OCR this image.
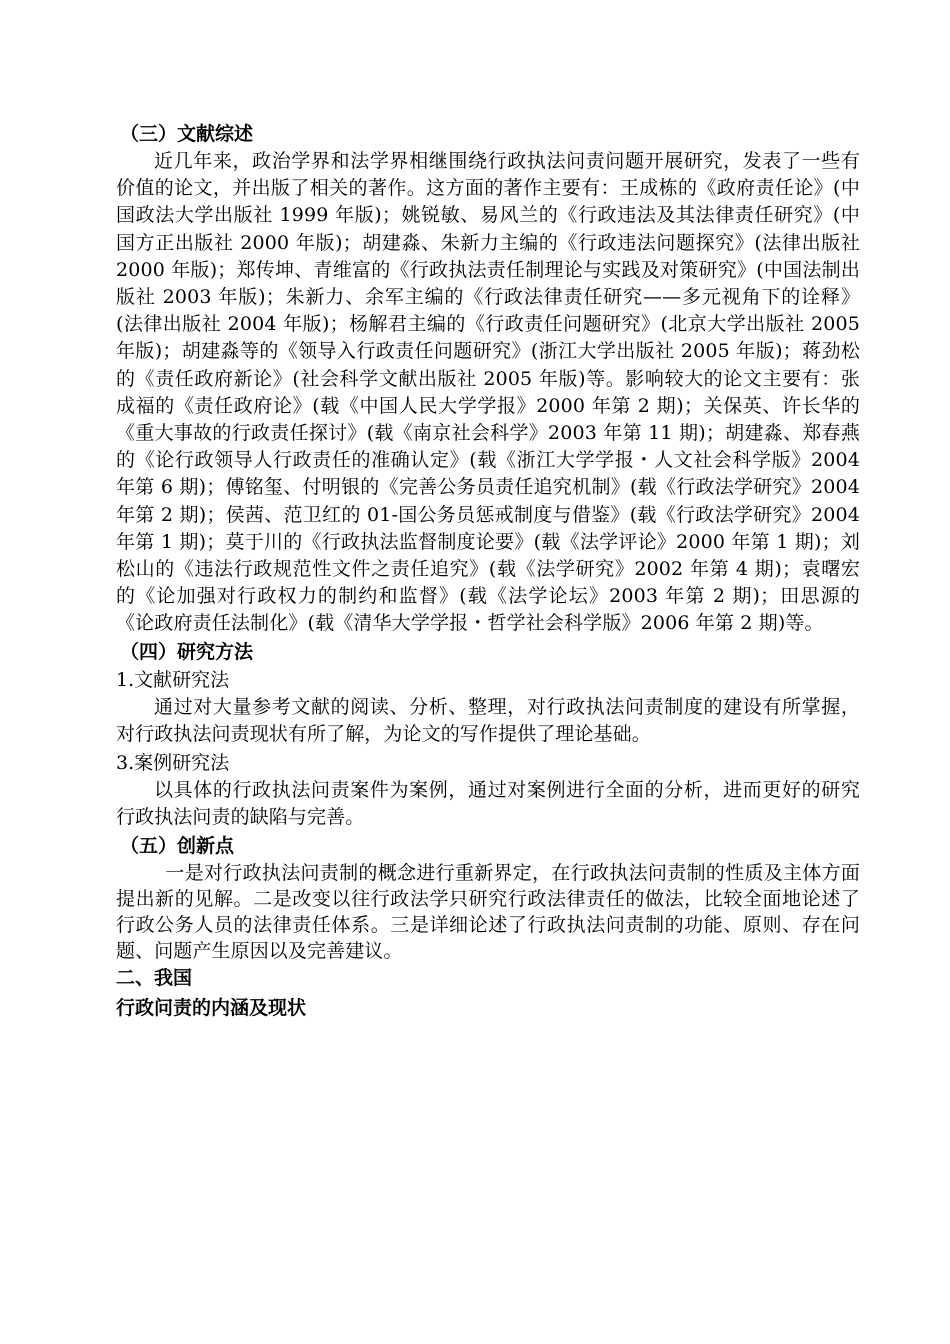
（三）文献综述

近几年来，政治学界和法学界相继围绕行政执法问责问题开展研究，发表了一些有价值的论文，并出版了相关的著作。这方面的著作主要有：王成栋的《政府责任论》(中国政法大学出版社 1999 年版)；姚锐敏、易风兰的《行政违法及其法律责任研究》(中国方正出版社 2000 年版)；胡建淼、朱新力主编的《行政违法问题探究》(法律出版社 2000 年版)；郑传坤、青维富的《行政执法责任制理论与实践及对策研究》(中国法制出版社 2003 年版)；朱新力、余军主编的《行政法律责任研究——多元视角下的诠释》(法律出版社 2004 年版)；杨解君主编的《行政责任问题研究》(北京大学出版社 2005 年版)；胡建淼等的《领导入行政责任问题研究》(浙江大学出版社 2005 年版)；蒋劲松的《责任政府新论》(社会科学文献出版社 2005 年版)等。影响较大的论文主要有：张成福的《责任政府论》(载《中国人民大学学报》2000 年第 2 期)；关保英、许长华的《重大事故的行政责任探讨》(载《南京社会科学》2003 年第 11 期)；胡建淼、郑春燕的《论行政领导人行政责任的准确认定》(载《浙江大学学报・人文社会科学版》2004 年第 6 期)；傅铭玺、付明银的《完善公务员责任追究机制》(载《行政法学研究》2004 年第 2 期)；侯茜、范卫红的 01-国公务员惩戒制度与借鉴》(载《行政法学研究》2004 年第 1 期)；莫于川的《行政执法监督制度论要》(载《法学评论》2000 年第 1 期)；刘松山的《违法行政规范性文件之责任追究》(载《法学研究》2002 年第 4 期)；袁曙宏的《论加强对行政权力的制约和监督》(载《法学论坛》2003 年第 2 期)；田思源的《论政府责任法制化》(载《清华大学学报・哲学社会科学版》2006 年第 2 期)等。

（四）研究方法

1.文献研究法

通过对大量参考文献的阅读、分析、整理，对行政执法问责制度的建设有所掌握，对行政执法问责现状有所了解，为论文的写作提供了理论基础。

3.案例研究法

以具体的行政执法问责案件为案例，通过对案例进行全面的分析，进而更好的研究行政执法问责的缺陷与完善。

（五）创新点

一是对行政执法问责制的概念进行重新界定，在行政执法问责制的性质及主体方面提出新的见解。二是改变以往行政法学只研究行政法律责任的做法，比较全面地论述了行政公务人员的法律责任体系。三是详细论述了行政执法问责制的功能、原则、存在问题、问题产生原因以及完善建议。

二、我国

行政问责的内涵及现状
